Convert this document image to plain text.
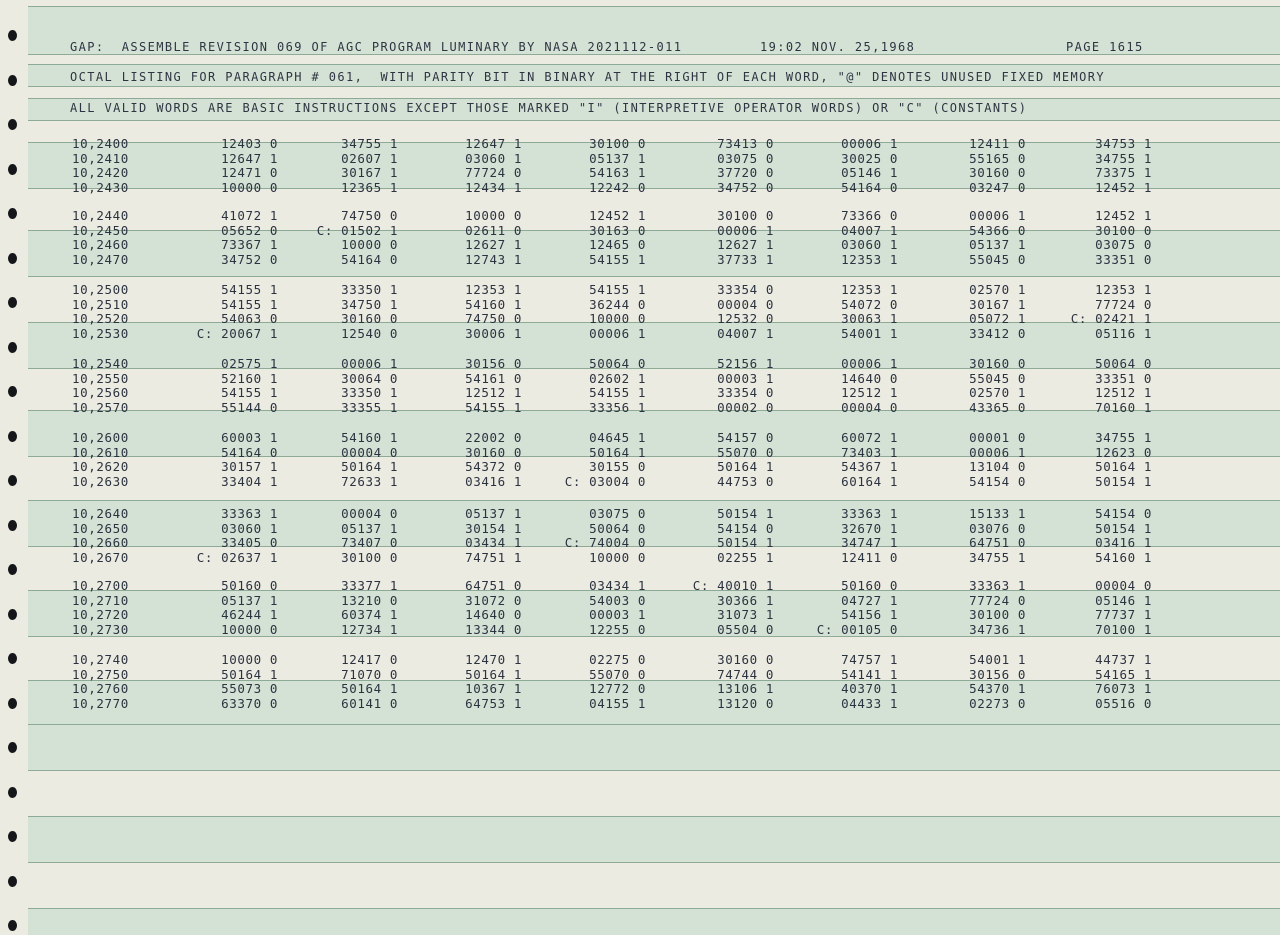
GAP:  ASSEMBLE REVISION 069 OF AGC PROGRAM LUMINARY BY NASA 2021112-011	19:02 NOV. 25,1968	PAGE 1615
OCTAL LISTING FOR PARAGRAPH # 061,  WITH PARITY BIT IN BINARY AT THE RIGHT OF EACH WORD, "@" DENOTES UNUSED FIXED MEMORY
ALL VALID WORDS ARE BASIC INSTRUCTIONS EXCEPT THOSE MARKED "I" (INTERPRETIVE OPERATOR WORDS) OR "C" (CONSTANTS)
10,2400	12403 0	34755 1	12647 1	30100 0	73413 0	00006 1	12411 0	34753 1
10,2410	12647 1	02607 1	03060 1	05137 1	03075 0	30025 0	55165 0	34755 1
10,2420	12471 0	30167 1	77724 0	54163 1	37720 0	05146 1	30160 0	73375 1
10,2430	10000 0	12365 1	12434 1	12242 0	34752 0	54164 0	03247 0	12452 1
10,2440	41072 1	74750 0	10000 0	12452 1	30100 0	73366 0	00006 1	12452 1
10,2450	05652 0	C: 01502 1	02611 0	30163 0	00006 1	04007 1	54366 0	30100 0
10,2460	73367 1	10000 0	12627 1	12465 0	12627 1	03060 1	05137 1	03075 0
10,2470	34752 0	54164 0	12743 1	54155 1	37733 1	12353 1	55045 0	33351 0
10,2500	54155 1	33350 1	12353 1	54155 1	33354 0	12353 1	02570 1	12353 1
10,2510	54155 1	34750 1	54160 1	36244 0	00004 0	54072 0	30167 1	77724 0
10,2520	54063 0	30160 0	74750 0	10000 0	12532 0	30063 1	05072 1	C: 02421 1
10,2530	C: 20067 1	12540 0	30006 1	00006 1	04007 1	54001 1	33412 0	05116 1
10,2540	02575 1	00006 1	30156 0	50064 0	52156 1	00006 1	30160 0	50064 0
10,2550	52160 1	30064 0	54161 0	02602 1	00003 1	14640 0	55045 0	33351 0
10,2560	54155 1	33350 1	12512 1	54155 1	33354 0	12512 1	02570 1	12512 1
10,2570	55144 0	33355 1	54155 1	33356 1	00002 0	00004 0	43365 0	70160 1
10,2600	60003 1	54160 1	22002 0	04645 1	54157 0	60072 1	00001 0	34755 1
10,2610	54164 0	00004 0	30160 0	50164 1	55070 0	73403 1	00006 1	12623 0
10,2620	30157 1	50164 1	54372 0	30155 0	50164 1	54367 1	13104 0	50164 1
10,2630	33404 1	72633 1	03416 1	C: 03004 0	44753 0	60164 1	54154 0	50154 1
10,2640	33363 1	00004 0	05137 1	03075 0	50154 1	33363 1	15133 1	54154 0
10,2650	03060 1	05137 1	30154 1	50064 0	54154 0	32670 1	03076 0	50154 1
10,2660	33405 0	73407 0	03434 1	C: 74004 0	50154 1	34747 1	64751 0	03416 1
10,2670	C: 02637 1	30100 0	74751 1	10000 0	02255 1	12411 0	34755 1	54160 1
10,2700	50160 0	33377 1	64751 0	03434 1	C: 40010 1	50160 0	33363 1	00004 0
10,2710	05137 1	13210 0	31072 0	54003 0	30366 1	04727 1	77724 0	05146 1
10,2720	46244 1	60374 1	14640 0	00003 1	31073 1	54156 1	30100 0	77737 1
10,2730	10000 0	12734 1	13344 0	12255 0	05504 0	C: 00105 0	34736 1	70100 1
10,2740	10000 0	12417 0	12470 1	02275 0	30160 0	74757 1	54001 1	44737 1
10,2750	50164 1	71070 0	50164 1	55070 0	74744 0	54141 1	30156 0	54165 1
10,2760	55073 0	50164 1	10367 1	12772 0	13106 1	40370 1	54370 1	76073 1
10,2770	63370 0	60141 0	64753 1	04155 1	13120 0	04433 1	02273 0	05516 0
